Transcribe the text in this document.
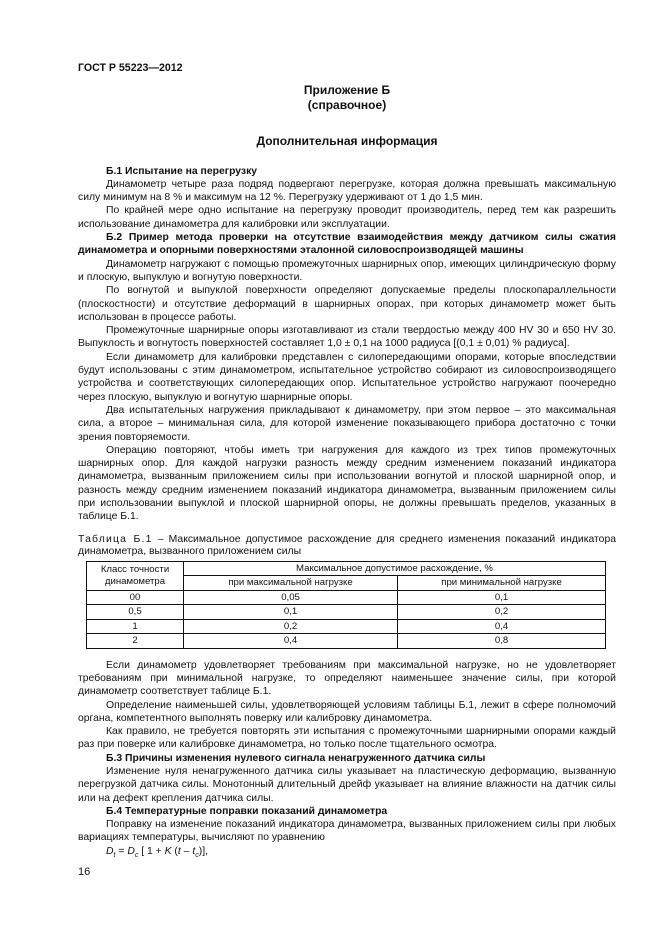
ГОСТ Р 55223—2012
Приложение Б
(справочное)
Дополнительная информация
Б.1 Испытание на перегрузку

Динамометр четыре раза подряд подвергают перегрузке, которая должна превышать максимальную силу минимум на 8 % и максимум на 12 %. Перегрузку удерживают от 1 до 1,5 мин.

По крайней мере одно испытание на перегрузку проводит производитель, перед тем как разрешить использование динамометра для калибровки или эксплуатации.

Б.2 Пример метода проверки на отсутствие взаимодействия между датчиком силы сжатия динамометра и опорными поверхностями эталонной силовоспроизводящей машины

Динамометр нагружают с помощью промежуточных шарнирных опор, имеющих цилиндрическую форму и плоскую, выпуклую и вогнутую поверхности.

По вогнутой и выпуклой поверхности определяют допускаемые пределы плоскопараллельности (плоскостности) и отсутствие деформаций в шарнирных опорах, при которых динамометр может быть использован в процессе работы.

Промежуточные шарнирные опоры изготавливают из стали твердостью между 400 HV 30 и 650 HV 30. Выпуклость и вогнутость поверхностей составляет 1,0 ± 0,1 на 1000 радиуса [(0,1 ± 0,01) % радиуса].

Если динамометр для калибровки представлен с силопередающими опорами, которые впоследствии будут использованы с этим динамометром, испытательное устройство собирают из силовоспроизводящего устройства и соответствующих силопередающих опор. Испытательное устройство нагружают поочередно через плоскую, выпуклую и вогнутую шарнирные опоры.

Два испытательных нагружения прикладывают к динамометру, при этом первое – это максимальная сила, а второе – минимальная сила, для которой изменение показывающего прибора достаточно с точки зрения повторяемости.

Операцию повторяют, чтобы иметь три нагружения для каждого из трех типов промежуточных шарнирных опор. Для каждой нагрузки разность между средним изменением показаний индикатора динамометра, вызванным приложением силы при использовании вогнутой и плоской шарнирной опор, и разность между средним изменением показаний индикатора динамометра, вызванным приложением силы при использовании выпуклой и плоской шарнирной опоры, не должны превышать пределов, указанных в таблице Б.1.

Таблица Б.1 – Максимальное допустимое расхождение для среднего изменения показаний индикатора динамометра, вызванного приложением силы

Класс точности динамометра	Максимальное допустимое расхождение, %	
	при максимальной нагрузке	при минимальной нагрузке
00	0,05	0,1
0,5	0,1	0,2
1	0,2	0,4
2	0,4	0,8

Если динамометр удовлетворяет требованиям при максимальной нагрузке, но не удовлетворяет требованиям при минимальной нагрузке, то определяют наименьшее значение силы, при которой динамометр соответствует таблице Б.1.

Определение наименьшей силы, удовлетворяющей условиям таблицы Б.1, лежит в сфере полномочий органа, компетентного выполнять поверку или калибровку динамометра.

Как правило, не требуется повторять эти испытания с промежуточными шарнирными опорами каждый раз при поверке или калибровке динамометра, но только после тщательного осмотра.

Б.3 Причины изменения нулевого сигнала ненагруженного датчика силы

Изменение нуля ненагруженного датчика силы указывает на пластическую деформацию, вызванную перегрузкой датчика силы. Монотонный длительный дрейф указывает на влияние влажности на датчик силы или на дефект крепления датчика силы.

Б.4 Температурные поправки показаний динамометра

Поправку на изменение показаний индикатора динамометра, вызванных приложением силы при любых вариациях температуры, вычисляют по уравнению

$D_t = D_c$ [ 1 + K $(t - t_c)$],

16
